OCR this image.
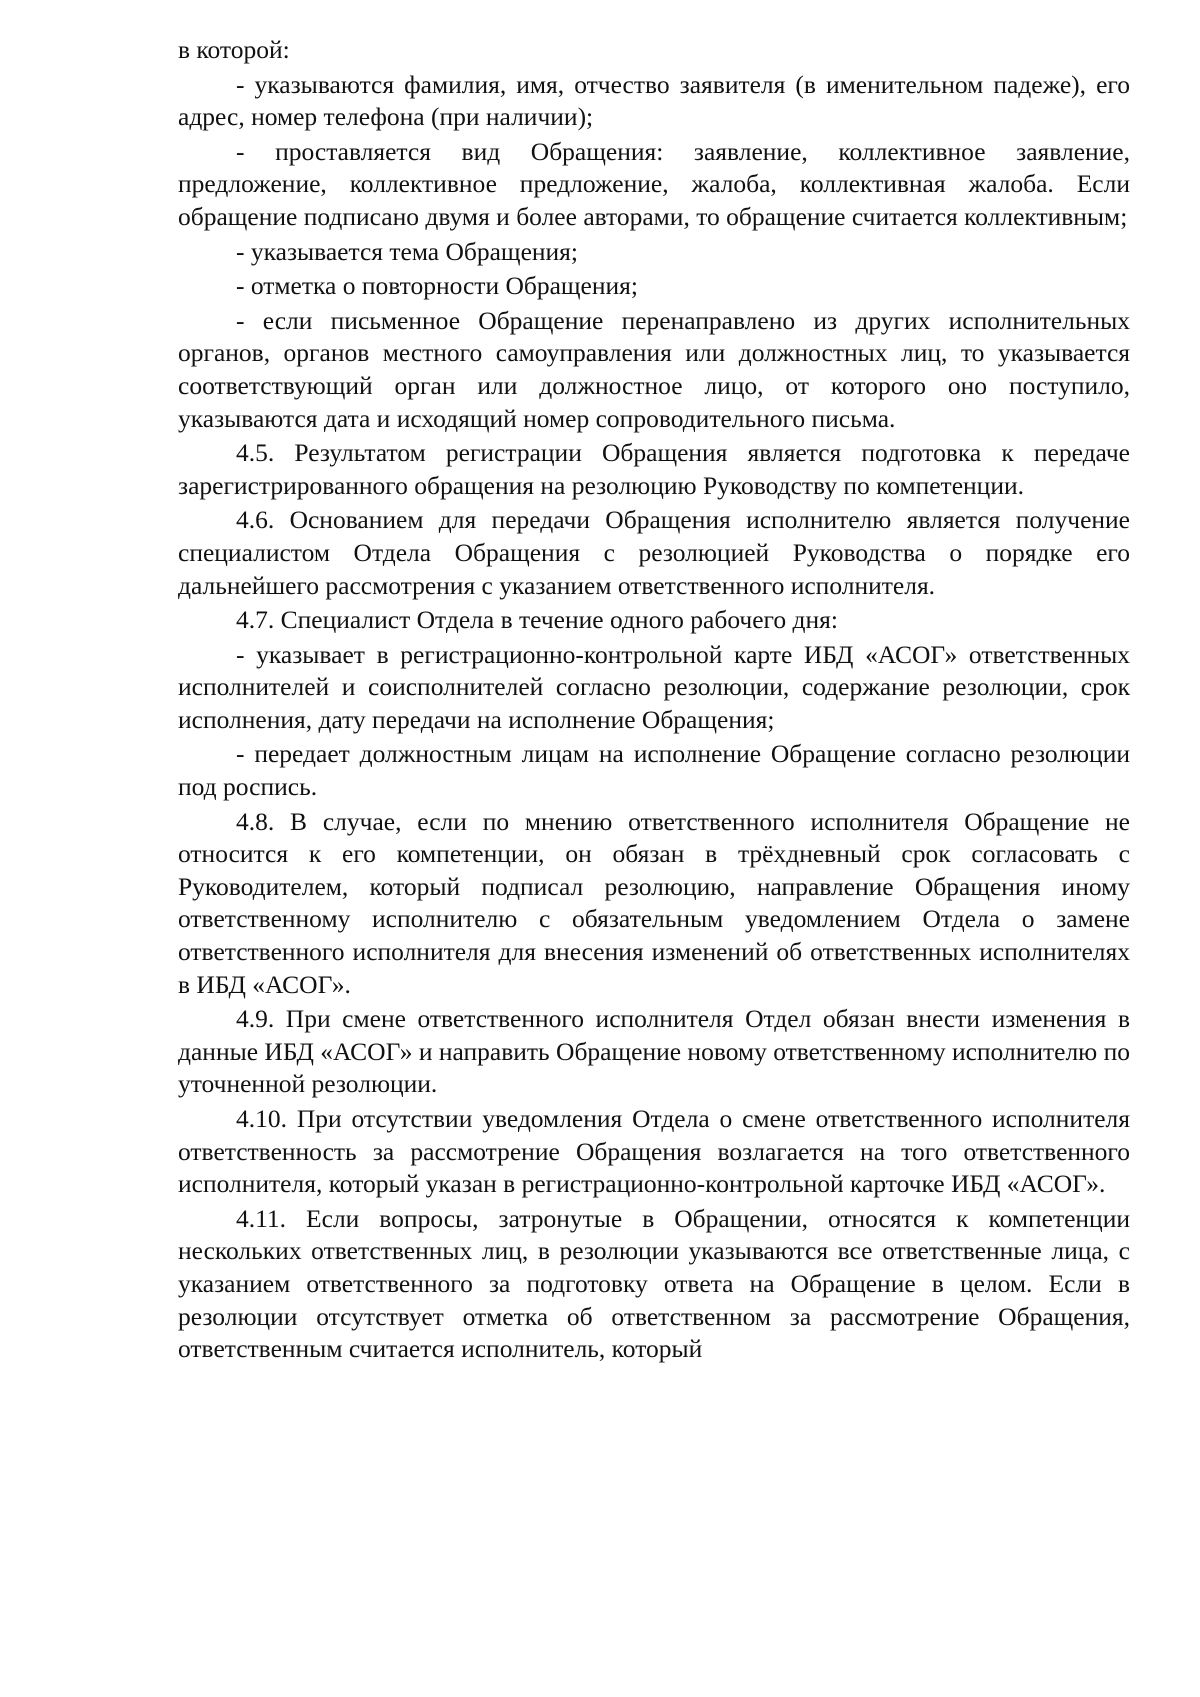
в которой:

- указываются фамилия, имя, отчество заявителя (в именительном падеже), его адрес, номер телефона (при наличии);

- проставляется вид Обращения: заявление, коллективное заявление, предложение, коллективное предложение, жалоба, коллективная жалоба. Если обращение подписано двумя и более авторами, то обращение считается коллективным;

- указывается тема Обращения;

- отметка о повторности Обращения;

- если письменное Обращение перенаправлено из других исполнительных органов, органов местного самоуправления или должностных лиц, то указывается соответствующий орган или должностное лицо, от которого оно поступило, указываются дата и исходящий номер сопроводительного письма.

4.5. Результатом регистрации Обращения является подготовка к передаче зарегистрированного обращения на резолюцию Руководству по компетенции.

4.6. Основанием для передачи Обращения исполнителю является получение специалистом Отдела Обращения с резолюцией Руководства о порядке его дальнейшего рассмотрения с указанием ответственного исполнителя.

4.7. Специалист Отдела в течение одного рабочего дня:

- указывает в регистрационно-контрольной карте ИБД «АСОГ» ответственных исполнителей и соисполнителей согласно резолюции, содержание резолюции, срок исполнения, дату передачи на исполнение Обращения;

- передает должностным лицам на исполнение Обращение согласно резолюции под роспись.

4.8. В случае, если по мнению ответственного исполнителя Обращение не относится к его компетенции, он обязан в трёхдневный срок согласовать с Руководителем, который подписал резолюцию, направление Обращения иному ответственному исполнителю с обязательным уведомлением Отдела о замене ответственного исполнителя для внесения изменений об ответственных исполнителях в ИБД «АСОГ».

4.9. При смене ответственного исполнителя Отдел обязан внести изменения в данные ИБД «АСОГ» и направить Обращение новому ответственному исполнителю по уточненной резолюции.

4.10. При отсутствии уведомления Отдела о смене ответственного исполнителя ответственность за рассмотрение Обращения возлагается на того ответственного исполнителя, который указан в регистрационно-контрольной карточке ИБД «АСОГ».

4.11. Если вопросы, затронутые в Обращении, относятся к компетенции нескольких ответственных лиц, в резолюции указываются все ответственные лица, с указанием ответственного за подготовку ответа на Обращение в целом. Если в резолюции отсутствует отметка об ответственном за рассмотрение Обращения, ответственным считается исполнитель, который
